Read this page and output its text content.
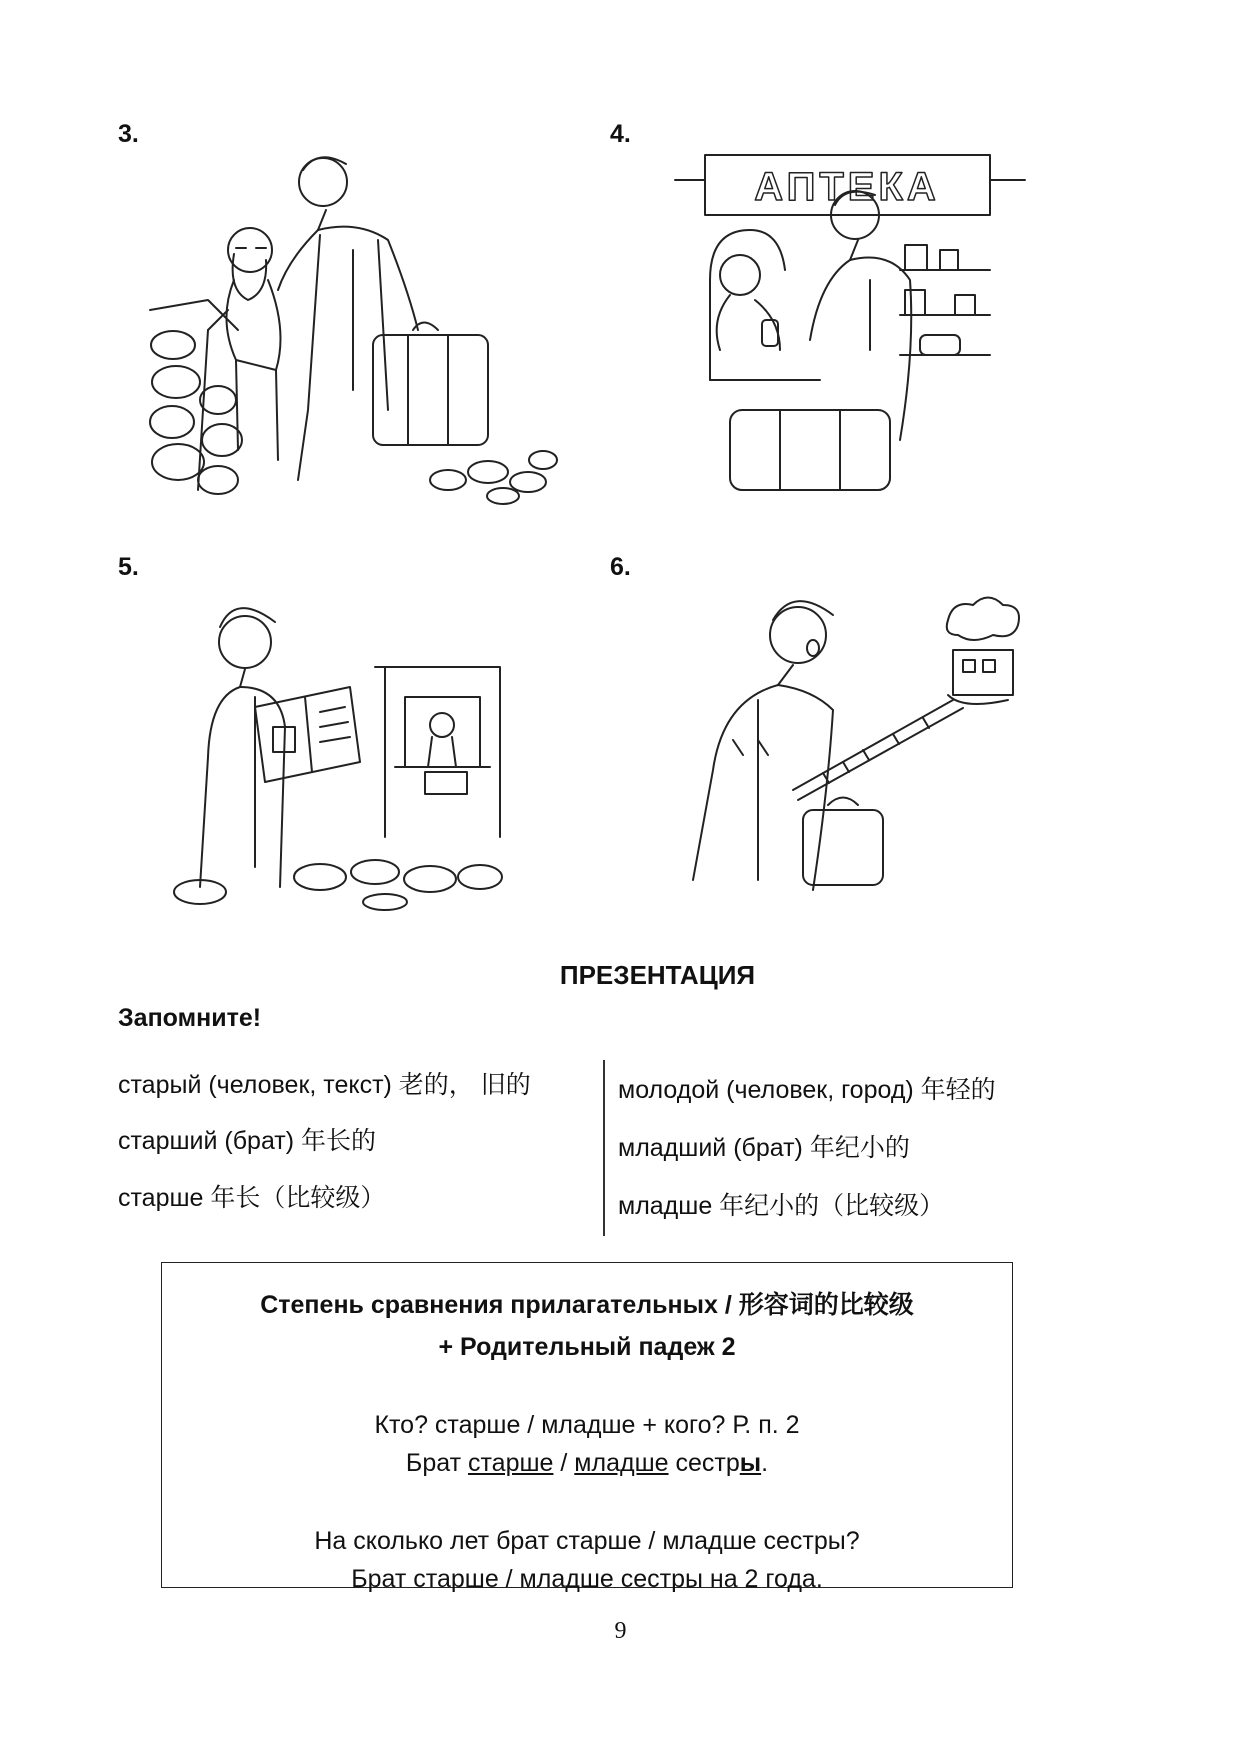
3.	4.
5.	6.
АПТЕКА
ПРЕЗЕНТАЦИЯ
Запомните!
старый (человек, текст) 老的， 旧的
старший (брат) 年长的
старше 年长（比较级）
молодой (человек, город) 年轻的
младший (брат) 年纪小的
младше 年纪小的（比较级）
Степень сравнения прилагательных / 形容词的比较级
+ Родительный падеж 2
Кто? старше / младше + кого? Р. п. 2
Брат старше / младше сестры.
На сколько лет брат старше / младше сестры?
Брат старше / младше сестры на 2 года.
9
